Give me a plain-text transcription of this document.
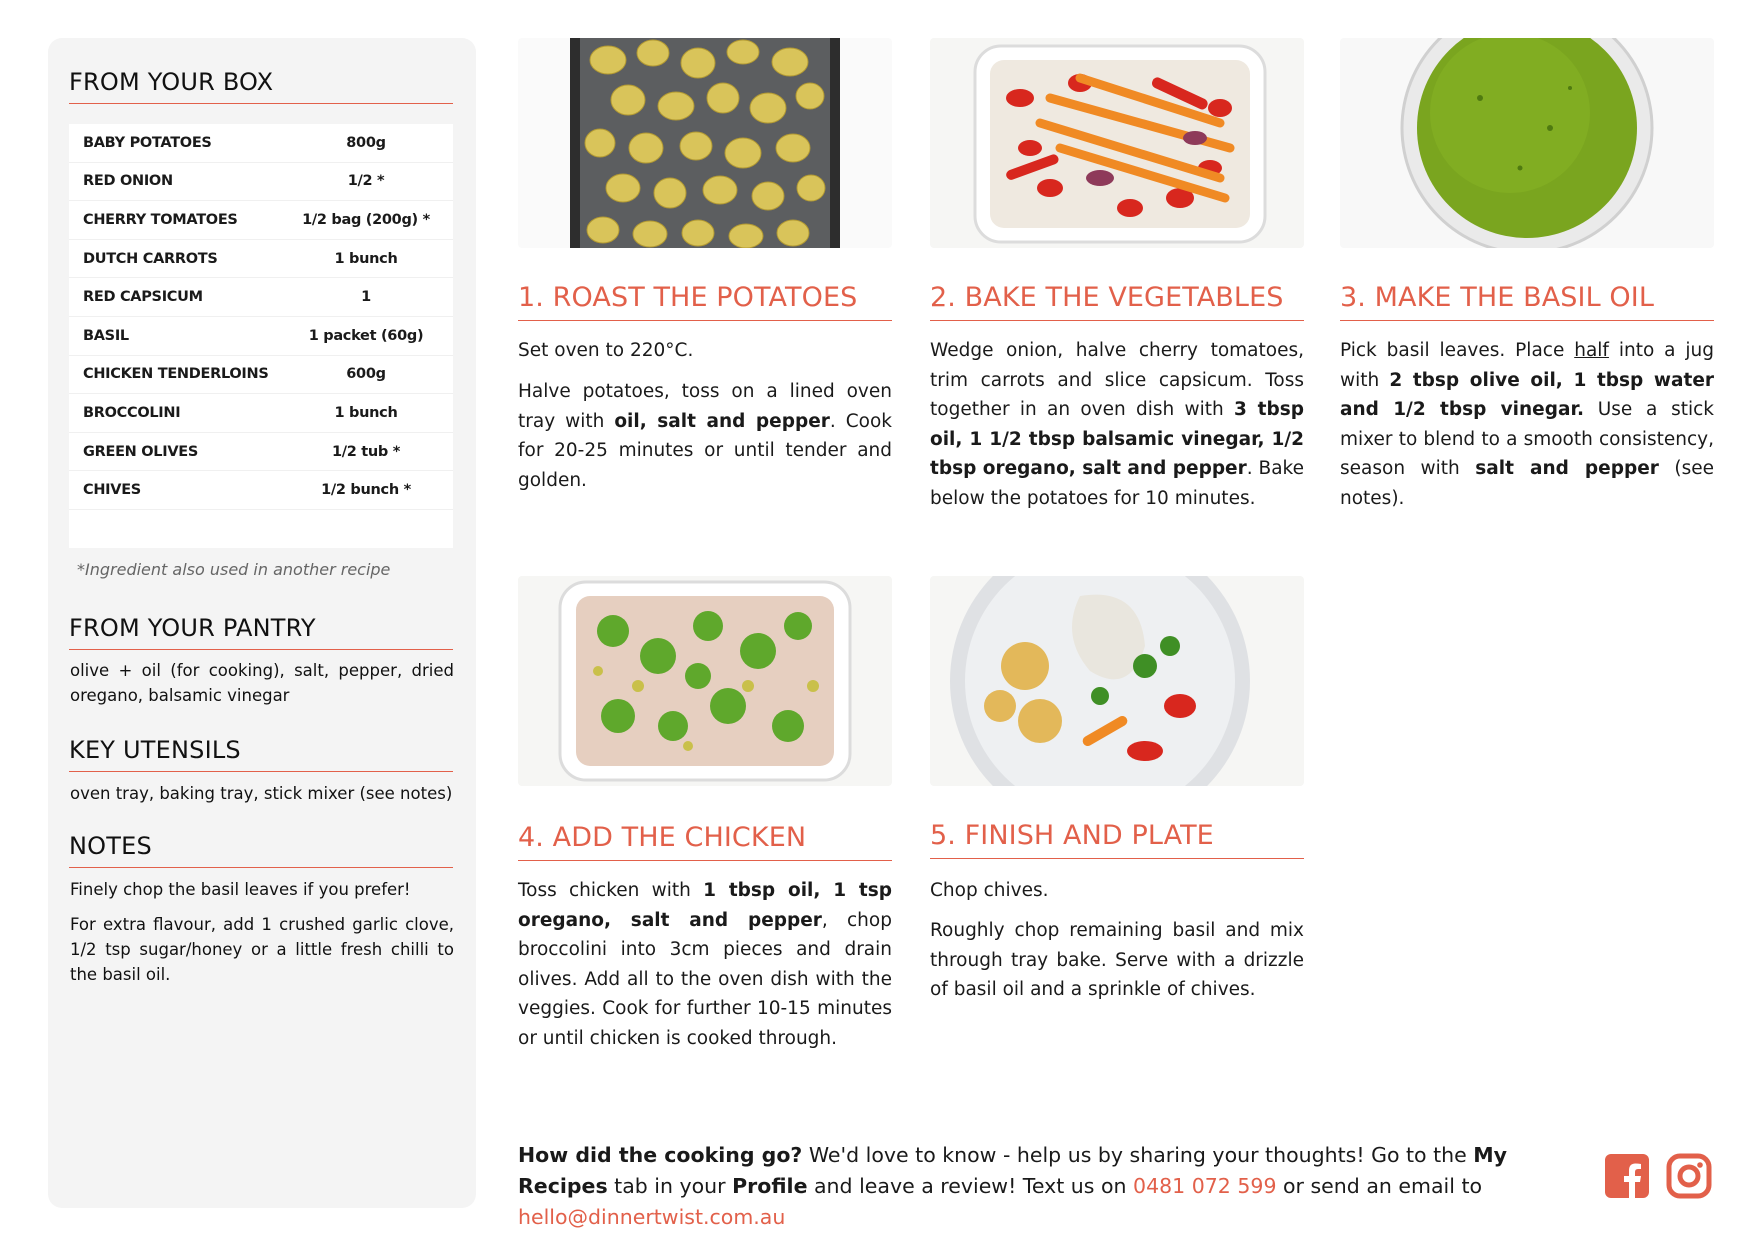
FROM YOUR BOX
BABY POTATOES	800g
RED ONION	1/2 *
CHERRY TOMATOES	1/2 bag (200g) *
DUTCH CARROTS	1 bunch
RED CAPSICUM	1
BASIL	1 packet (60g)
CHICKEN TENDERLOINS	600g
BROCCOLINI	1 bunch
GREEN OLIVES	1/2 tub *
CHIVES	1/2 bunch *
*Ingredient also used in another recipe
FROM YOUR PANTRY
olive + oil (for cooking), salt, pepper, dried oregano, balsamic vinegar
KEY UTENSILS
oven tray, baking tray, stick mixer (see notes)
NOTES
Finely chop the basil leaves if you prefer!
For extra flavour, add 1 crushed garlic clove, 1/2 tsp sugar/honey or a little fresh chilli to the basil oil.
1. ROAST THE POTATOES
Set oven to 220°C.
Halve potatoes, toss on a lined oven tray with oil, salt and pepper. Cook for 20-25 minutes or until tender and golden.
2. BAKE THE VEGETABLES
Wedge onion, halve cherry tomatoes, trim carrots and slice capsicum. Toss together in an oven dish with 3 tbsp oil, 1 1/2 tbsp balsamic vinegar, 1/2 tbsp oregano, salt and pepper. Bake below the potatoes for 10 minutes.
3. MAKE THE BASIL OIL
Pick basil leaves. Place half into a jug with 2 tbsp olive oil, 1 tbsp water and 1/2 tbsp vinegar. Use a stick mixer to blend to a smooth consistency, season with salt and pepper (see notes).
4. ADD THE CHICKEN
Toss chicken with 1 tbsp oil, 1 tsp oregano, salt and pepper, chop broccolini into 3cm pieces and drain olives. Add all to the oven dish with the veggies. Cook for further 10-15 minutes or until chicken is cooked through.
5. FINISH AND PLATE
Chop chives.
Roughly chop remaining basil and mix through tray bake. Serve with a drizzle of basil oil and a sprinkle of chives.
How did the cooking go? We'd love to know - help us by sharing your thoughts! Go to the My Recipes tab in your Profile and leave a review! Text us on 0481 072 599 or send an email to hello@dinnertwist.com.au
